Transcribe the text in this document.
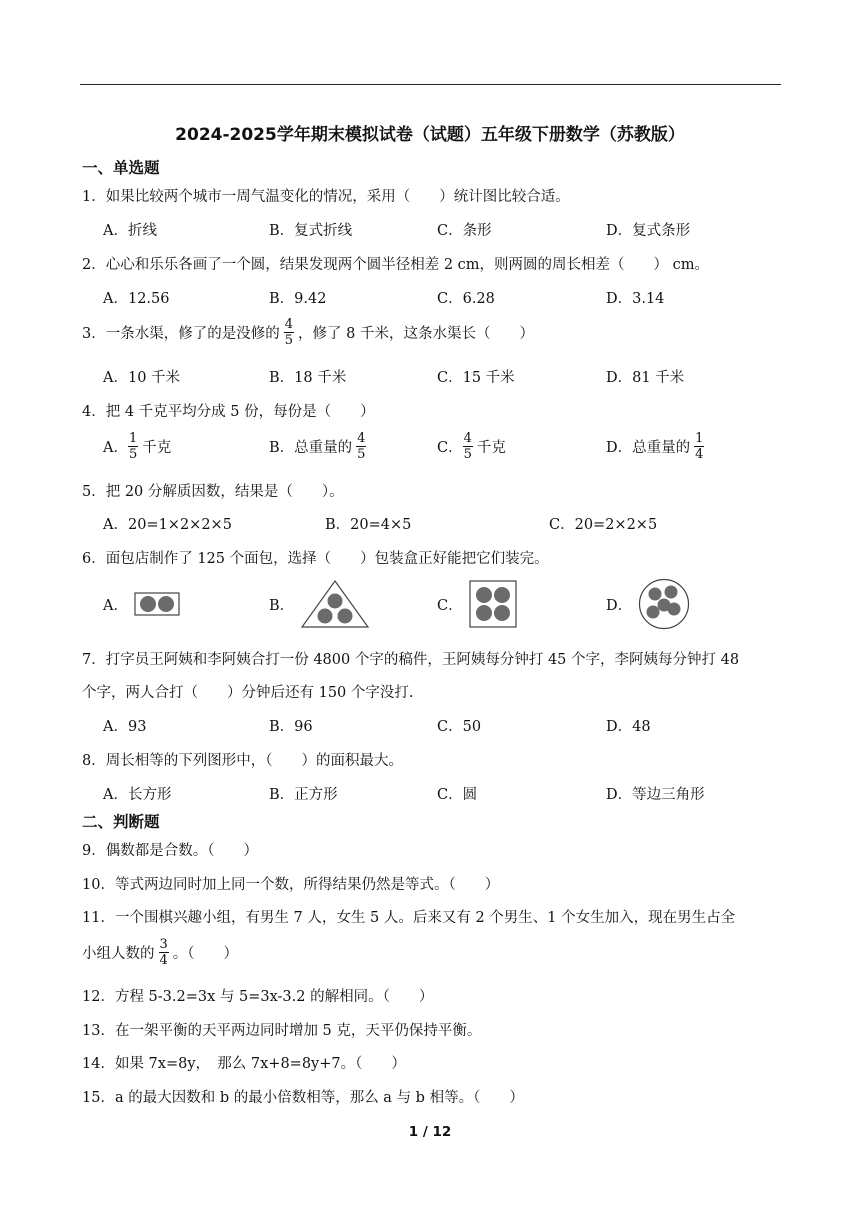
2024-2025学年期末模拟试卷（试题）五年级下册数学（苏教版）
一、单选题
1．如果比较两个城市一周气温变化的情况，采用（　　）统计图比较合适。
A．折线	B．复式折线	C．条形	D．复式条形
2．心心和乐乐各画了一个圆，结果发现两个圆半径相差 2 cm，则两圆的周长相差（　　） cm。
A．12.56	B．9.42	C．6.28	D．3.14
3．一条水渠，修了的是没修的 $\frac{4}{5}$ ，修了 8 千米，这条水渠长（　　）
A．10 千米	B．18 千米	C．15 千米	D．81 千米
4．把 4 千克平均分成 5 份，每份是（　　）
A． $\frac{1}{5}$ 千克	B．总重量的 $\frac{4}{5}$	C． $\frac{4}{5}$ 千克	D．总重量的 $\frac{1}{4}$
5．把 20 分解质因数，结果是（　　）。
A．20=1×2×2×5	B．20=4×5	C．20=2×2×5
6．面包店制作了 125 个面包，选择（　　）包装盒正好能把它们装完。
A．	B．	C．	D．
7．打字员王阿姨和李阿姨合打一份 4800 个字的稿件，王阿姨每分钟打 45 个字，李阿姨每分钟打 48
个字，两人合打（　　）分钟后还有 150 个字没打.
A．93	B．96	C．50	D．48
8．周长相等的下列图形中，（　　）的面积最大。
A．长方形	B．正方形	C．圆	D．等边三角形
二、判断题
9．偶数都是合数。（　　）
10．等式两边同时加上同一个数，所得结果仍然是等式。（　　）
11．一个围棋兴趣小组，有男生 7 人，女生 5 人。后来又有 2 个男生、1 个女生加入，现在男生占全
小组人数的 $\frac{3}{4}$ 。（　　）
12．方程 5-3.2=3x 与 5=3x-3.2 的解相同。（　　）
13．在一架平衡的天平两边同时增加 5 克，天平仍保持平衡。
14．如果 7x=8y，　那么 7x+8=8y+7。（　　）
15．a 的最大因数和 b 的最小倍数相等，那么 a 与 b 相等。（　　）
1 / 12
